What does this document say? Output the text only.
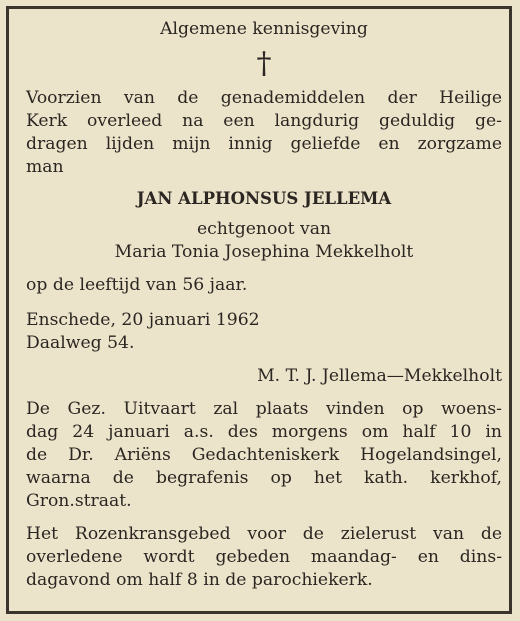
Algemene kennisgeving
†
Voorzien van de genademiddelen der Heilige
Kerk overleed na een langdurig geduldig ge-
dragen lijden mijn innig geliefde en zorgzame
man
JAN ALPHONSUS JELLEMA
echtgenoot van
Maria Tonia Josephina Mekkelholt
op de leeftijd van 56 jaar.
Enschede, 20 januari 1962
Daalweg 54.
M. T. J. Jellema—Mekkelholt
De Gez. Uitvaart zal plaats vinden op woens-
dag 24 januari a.s. des morgens om half 10 in
de Dr. Ariëns Gedachteniskerk Hogelandsingel,
waarna de begrafenis op het kath. kerkhof,
Gron.straat.
Het Rozenkransgebed voor de zielerust van de
overledene wordt gebeden maandag- en dins-
dagavond om half 8 in de parochiekerk.
